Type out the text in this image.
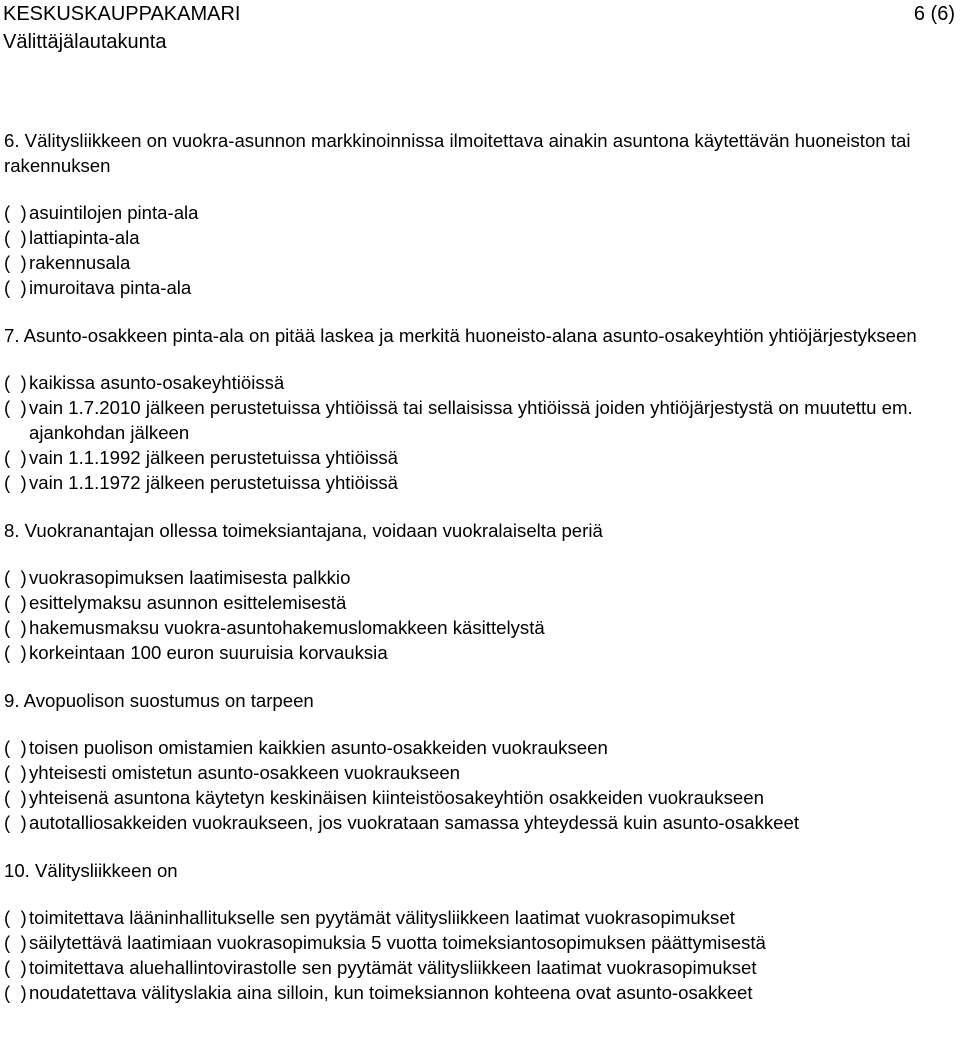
KESKUSKAUPPAKAMARI	6 (6)
Välittäjälautakunta

6. Välitysliikkeen on vuokra-asunnon markkinoinnissa ilmoitettava ainakin asuntona käytettävän huoneiston tai rakennuksen

(  ) asuintilojen pinta-ala
(  ) lattiapinta-ala
(  ) rakennusala
(  ) imuroitava pinta-ala

7. Asunto-osakkeen pinta-ala on pitää laskea ja merkitä huoneisto-alana asunto-osakeyhtiön yhtiöjärjestykseen

(  ) kaikissa asunto-osakeyhtiöissä
(  ) vain 1.7.2010 jälkeen perustetuissa yhtiöissä tai sellaisissa yhtiöissä joiden yhtiöjärjestystä on muutettu em. ajankohdan jälkeen
(  ) vain 1.1.1992 jälkeen perustetuissa yhtiöissä
(  ) vain 1.1.1972 jälkeen perustetuissa yhtiöissä

8. Vuokranantajan ollessa toimeksiantajana, voidaan vuokralaiselta periä

(  ) vuokrasopimuksen laatimisesta palkkio
(  ) esittelymaksu asunnon esittelemisestä
(  ) hakemusmaksu vuokra-asuntohakemuslomakkeen käsittelystä
(  ) korkeintaan 100 euron suuruisia korvauksia

9. Avopuolison suostumus on tarpeen

(  ) toisen puolison omistamien kaikkien asunto-osakkeiden vuokraukseen
(  ) yhteisesti omistetun asunto-osakkeen vuokraukseen
(  ) yhteisenä asuntona käytetyn keskinäisen kiinteistöosakeyhtiön osakkeiden vuokraukseen
(  ) autotalliosakkeiden vuokraukseen, jos vuokrataan samassa yhteydessä kuin asunto-osakkeet

10. Välitysliikkeen on

(  ) toimitettava lääninhallitukselle sen pyytämät välitysliikkeen laatimat vuokrasopimukset
(  ) säilytettävä laatimiaan vuokrasopimuksia 5 vuotta toimeksiantosopimuksen päättymisestä
(  ) toimitettava aluehallintovirastolle sen pyytämät välitysliikkeen laatimat vuokrasopimukset
(  ) noudatettava välityslakia aina silloin, kun toimeksiannon kohteena ovat asunto-osakkeet
